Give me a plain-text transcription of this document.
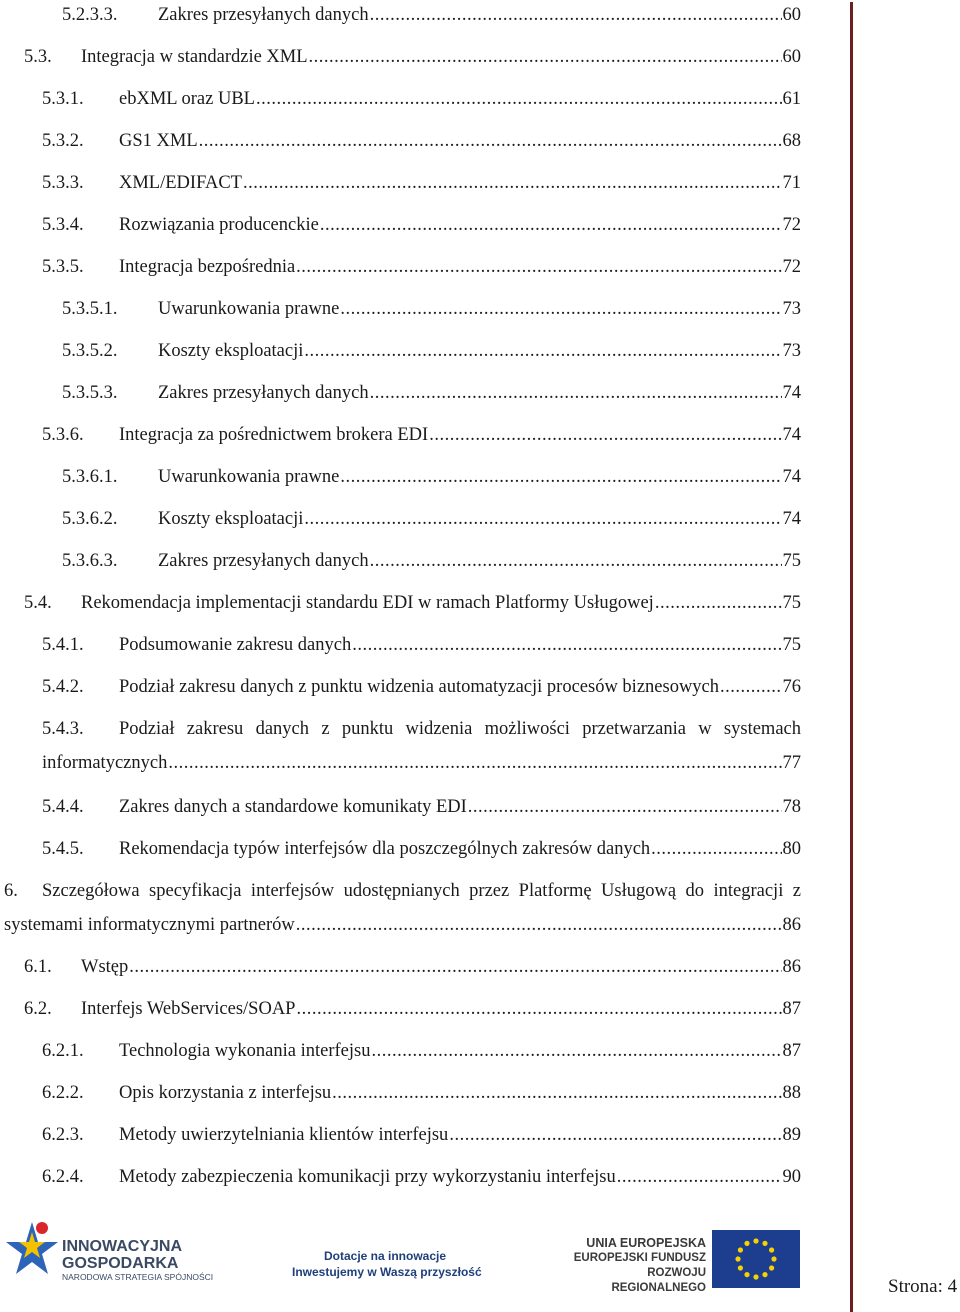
5.2.3.3. Zakres przesyłanych danych .....	60
5.3. Integracja w standardzie XML .....	60
5.3.1. ebXML oraz UBL .....	61
5.3.2. GS1 XML .....	68
5.3.3. XML/EDIFACT .....	71
5.3.4. Rozwiązania producenckie .....	72
5.3.5. Integracja bezpośrednia .....	72
5.3.5.1. Uwarunkowania prawne .....	73
5.3.5.2. Koszty eksploatacji .....	73
5.3.5.3. Zakres przesyłanych danych .....	74
5.3.6. Integracja za pośrednictwem brokera EDI .....	74
5.3.6.1. Uwarunkowania prawne .....	74
5.3.6.2. Koszty eksploatacji .....	74
5.3.6.3. Zakres przesyłanych danych .....	75
5.4. Rekomendacja implementacji standardu EDI w ramach Platformy Usługowej .....	75
5.4.1. Podsumowanie zakresu danych .....	75
5.4.2. Podział zakresu danych z punktu widzenia automatyzacji procesów biznesowych .....	76
5.4.3. Podział zakresu danych z punktu widzenia możliwości przetwarzania w systemach
informatycznych .....	77
5.4.4. Zakres danych a standardowe komunikaty EDI .....	78
5.4.5. Rekomendacja typów interfejsów dla poszczególnych zakresów danych .....	80
6. Szczegółowa specyfikacja interfejsów udostępnianych przez Platformę Usługową do integracji z
systemami informatycznymi partnerów .....	86
6.1. Wstęp .....	86
6.2. Interfejs WebServices/SOAP .....	87
6.2.1. Technologia wykonania interfejsu .....	87
6.2.2. Opis korzystania z interfejsu .....	88
6.2.3. Metody uwierzytelniania klientów interfejsu .....	89
6.2.4. Metody zabezpieczenia komunikacji przy wykorzystaniu interfejsu .....	90
INNOWACYJNA
GOSPODARKA
NARODOWA STRATEGIA SPÓJNOŚCI
Dotacje na innowacje
Inwestujemy w Waszą przyszłość
UNIA EUROPEJSKA
EUROPEJSKI FUNDUSZ
ROZWOJU REGIONALNEGO	Strona: 4
